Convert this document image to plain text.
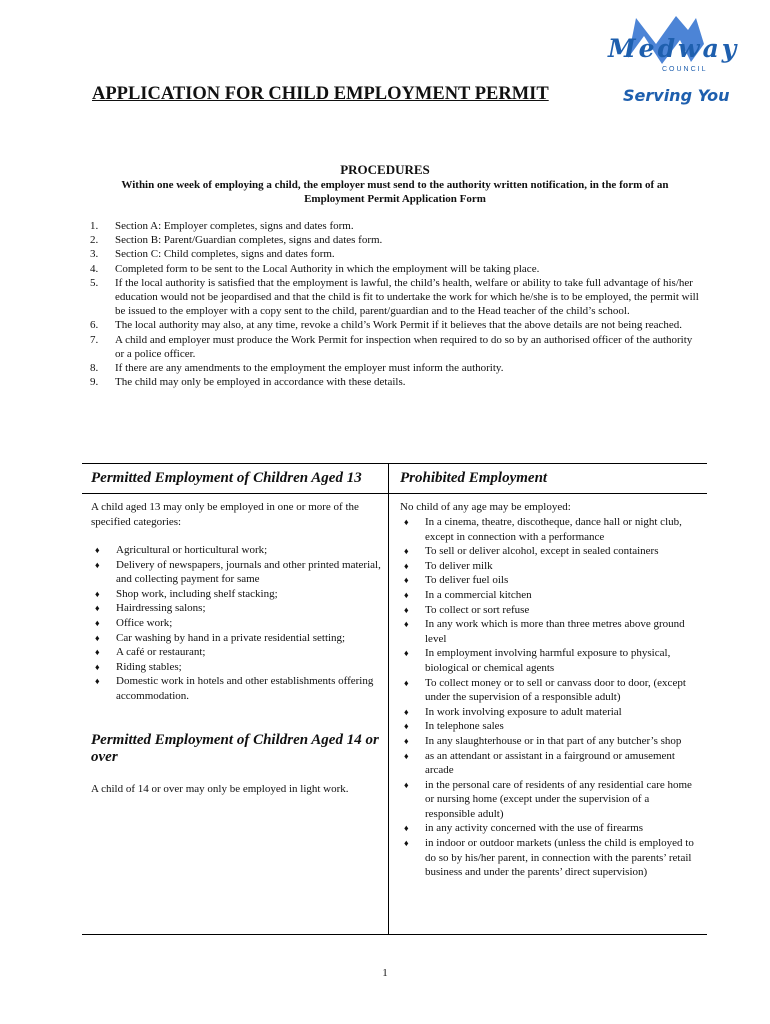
Medway
COUNCIL
Serving You
APPLICATION FOR CHILD EMPLOYMENT PERMIT
PROCEDURES
Within one week of employing a child, the employer must send to the authority written notification, in the form of an Employment Permit Application Form
1. Section A: Employer completes, signs and dates form.
2. Section B: Parent/Guardian completes, signs and dates form.
3. Section C: Child completes, signs and dates form.
4. Completed form to be sent to the Local Authority in which the employment will be taking place.
5. If the local authority is satisfied that the employment is lawful, the child’s health, welfare or ability to take full advantage of his/her education would not be jeopardised and that the child is fit to undertake the work for which he/she is to be employed, the permit will be issued to the employer with a copy sent to the child, parent/guardian and to the Head teacher of the child’s school.
6. The local authority may also, at any time, revoke a child’s Work Permit if it believes that the above details are not being reached.
7. A child and employer must produce the Work Permit for inspection when required to do so by an authorised officer of the authority or a police officer.
8. If there are any amendments to the employment the employer must inform the authority.
9. The child may only be employed in accordance with these details.
Permitted Employment of Children Aged 13	Prohibited Employment
A child aged 13 may only be employed in one or more of the specified categories:
♦ Agricultural or horticultural work;
♦ Delivery of newspapers, journals and other printed material, and collecting payment for same
♦ Shop work, including shelf stacking;
♦ Hairdressing salons;
♦ Office work;
♦ Car washing by hand in a private residential setting;
♦ A café or restaurant;
♦ Riding stables;
♦ Domestic work in hotels and other establishments offering accommodation.
Permitted Employment of Children Aged 14 or over
A child of 14 or over may only be employed in light work.
No child of any age may be employed:
♦ In a cinema, theatre, discotheque, dance hall or night club, except in connection with a performance
♦ To sell or deliver alcohol, except in sealed containers
♦ To deliver milk
♦ To deliver fuel oils
♦ In a commercial kitchen
♦ To collect or sort refuse
♦ In any work which is more than three metres above ground level
♦ In employment involving harmful exposure to physical, biological or chemical agents
♦ To collect money or to sell or canvass door to door, (except under the supervision of a responsible adult)
♦ In work involving exposure to adult material
♦ In telephone sales
♦ In any slaughterhouse or in that part of any butcher’s shop
♦ as an attendant or assistant in a fairground or amusement arcade
♦ in the personal care of residents of any residential care home or nursing home (except under the supervision of a responsible adult)
♦ in any activity concerned with the use of firearms
♦ in indoor or outdoor markets (unless the child is employed to do so by his/her parent, in connection with the parents’ retail business and under the parents’ direct supervision)
1
